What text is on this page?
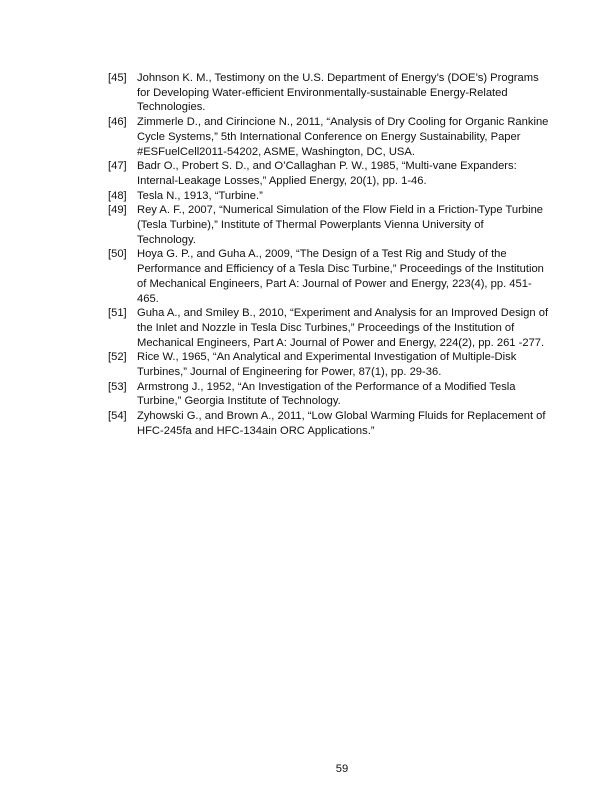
[45] Johnson K. M., Testimony on the U.S. Department of Energy’s (DOE’s) Programs
for Developing Water-efficient Environmentally-sustainable Energy-Related
Technologies.
[46] Zimmerle D., and Cirincione N., 2011, “Analysis of Dry Cooling for Organic Rankine
Cycle Systems,” 5th International Conference on Energy Sustainability, Paper
#ESFuelCell2011-54202, ASME, Washington, DC, USA.
[47] Badr O., Probert S. D., and O’Callaghan P. W., 1985, “Multi-vane Expanders:
Internal-Leakage Losses,” Applied Energy, 20(1), pp. 1-46.
[48] Tesla N., 1913, “Turbine.”
[49] Rey A. F., 2007, “Numerical Simulation of the Flow Field in a Friction-Type Turbine
(Tesla Turbine),” Institute of Thermal Powerplants Vienna University of
Technology.
[50] Hoya G. P., and Guha A., 2009, “The Design of a Test Rig and Study of the
Performance and Efficiency of a Tesla Disc Turbine,” Proceedings of the Institution
of Mechanical Engineers, Part A: Journal of Power and Energy, 223(4), pp. 451-
465.
[51] Guha A., and Smiley B., 2010, “Experiment and Analysis for an Improved Design of
the Inlet and Nozzle in Tesla Disc Turbines,” Proceedings of the Institution of
Mechanical Engineers, Part A: Journal of Power and Energy, 224(2), pp. 261 -277.
[52] Rice W., 1965, “An Analytical and Experimental Investigation of Multiple-Disk
Turbines,” Journal of Engineering for Power, 87(1), pp. 29-36.
[53] Armstrong J., 1952, “An Investigation of the Performance of a Modified Tesla
Turbine,” Georgia Institute of Technology.
[54] Zyhowski G., and Brown A., 2011, “Low Global Warming Fluids for Replacement of
HFC-245fa and HFC-134ain ORC Applications.”
59
